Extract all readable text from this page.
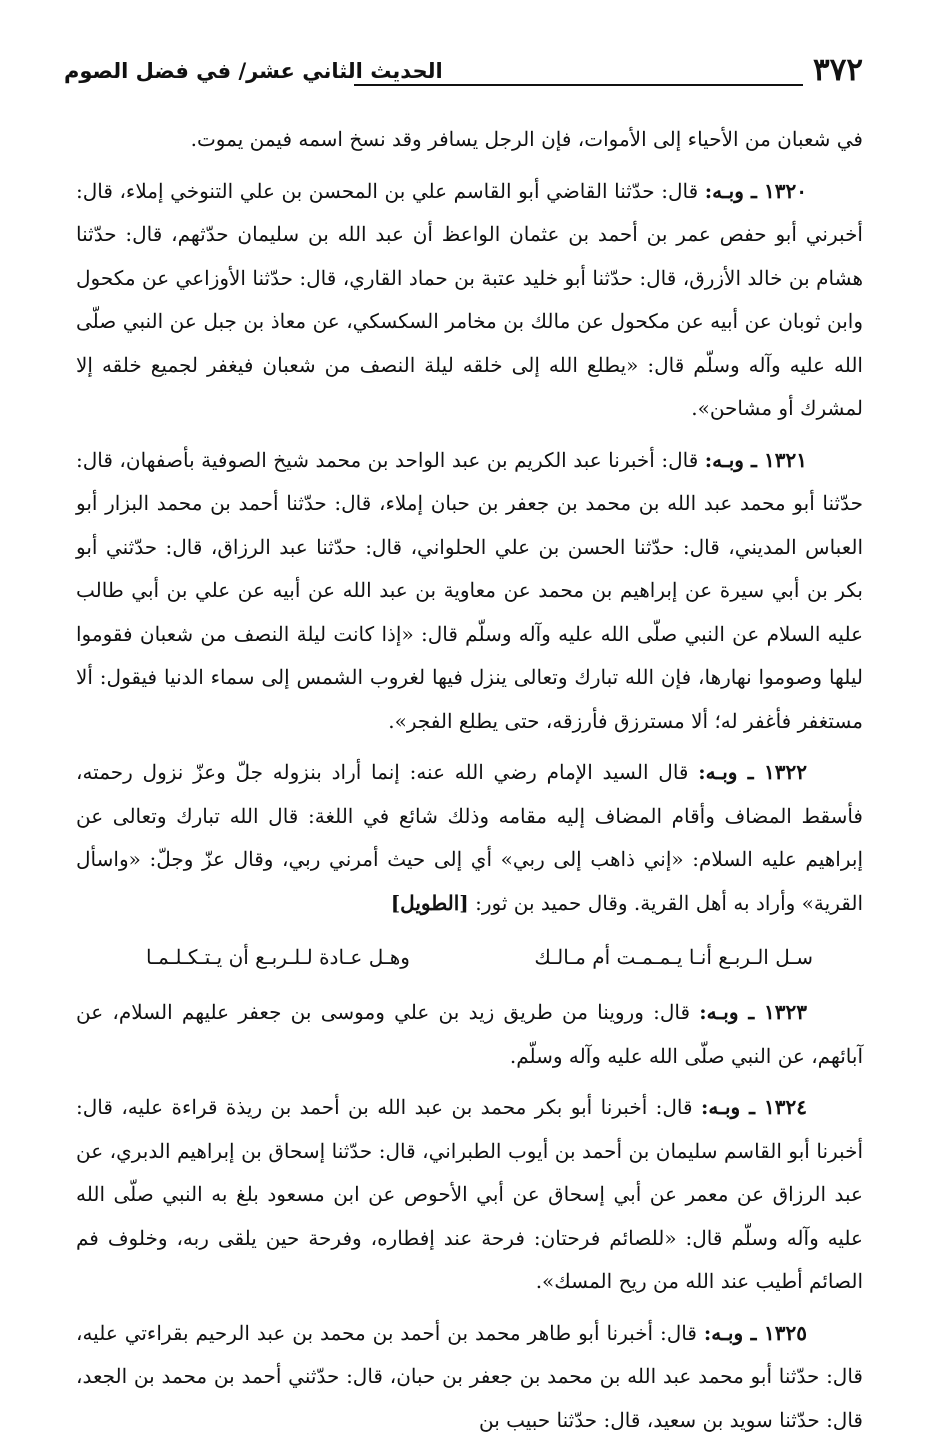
٣٧٢
الحديث الثاني عشر/ في فضل الصوم

في شعبان من الأحياء إلى الأموات، فإن الرجل يسافر وقد نسخ اسمه فيمن يموت.

١٣٢٠ ـ وبـه: قال: حدّثنا القاضي أبو القاسم علي بن المحسن بن علي التنوخي إملاء، قال: أخبرني أبو حفص عمر بن أحمد بن عثمان الواعظ أن عبد الله بن سليمان حدّثهم، قال: حدّثنا هشام بن خالد الأزرق، قال: حدّثنا أبو خليد عتبة بن حماد القاري، قال: حدّثنا الأوزاعي عن مكحول وابن ثوبان عن أبيه عن مكحول عن مالك بن مخامر السكسكي، عن معاذ بن جبل عن النبي صلّى الله عليه وآله وسلّم قال: «يطلع الله إلى خلقه ليلة النصف من شعبان فيغفر لجميع خلقه إلا لمشرك أو مشاحن».

١٣٢١ ـ وبـه: قال: أخبرنا عبد الكريم بن عبد الواحد بن محمد شيخ الصوفية بأصفهان، قال: حدّثنا أبو محمد عبد الله بن محمد بن جعفر بن حبان إملاء، قال: حدّثنا أحمد بن محمد البزار أبو العباس المديني، قال: حدّثنا الحسن بن علي الحلواني، قال: حدّثنا عبد الرزاق، قال: حدّثني أبو بكر بن أبي سيرة عن إبراهيم بن محمد عن معاوية بن عبد الله عن أبيه عن علي بن أبي طالب عليه السلام عن النبي صلّى الله عليه وآله وسلّم قال: «إذا كانت ليلة النصف من شعبان فقوموا ليلها وصوموا نهارها، فإن الله تبارك وتعالى ينزل فيها لغروب الشمس إلى سماء الدنيا فيقول: ألا مستغفر فأغفر له؛ ألا مسترزق فأرزقه، حتى يطلع الفجر».

١٣٢٢ ـ وبـه: قال السيد الإمام رضي الله عنه: إنما أراد بنزوله جلّ وعزّ نزول رحمته، فأسقط المضاف وأقام المضاف إليه مقامه وذلك شائع في اللغة: قال الله تبارك وتعالى عن إبراهيم عليه السلام: «إني ذاهب إلى ربي» أي إلى حيث أمرني ربي، وقال عزّ وجلّ: «واسأل القرية» وأراد به أهل القرية. وقال حميد بن ثور: [الطويل]

سـل الـربـع أنـا يـمـمـت أم مـالـك
وهـل عـادة لـلـربـع أن يـتـكـلـمـا

١٣٢٣ ـ وبـه: قال: وروينا من طريق زيد بن علي وموسى بن جعفر عليهم السلام، عن آبائهم، عن النبي صلّى الله عليه وآله وسلّم.

١٣٢٤ ـ وبـه: قال: أخبرنا أبو بكر محمد بن عبد الله بن أحمد بن ريذة قراءة عليه، قال: أخبرنا أبو القاسم سليمان بن أحمد بن أيوب الطبراني، قال: حدّثنا إسحاق بن إبراهيم الدبري، عن عبد الرزاق عن معمر عن أبي إسحاق عن أبي الأحوص عن ابن مسعود بلغ به النبي صلّى الله عليه وآله وسلّم قال: «للصائم فرحتان: فرحة عند إفطاره، وفرحة حين يلقى ربه، وخلوف فم الصائم أطيب عند الله من ريح المسك».

١٣٢٥ ـ وبـه: قال: أخبرنا أبو طاهر محمد بن أحمد بن محمد بن عبد الرحيم بقراءتي عليه، قال: حدّثنا أبو محمد عبد الله بن محمد بن جعفر بن حبان، قال: حدّثني أحمد بن محمد بن الجعد، قال: حدّثنا سويد بن سعيد، قال: حدّثنا حبيب بن
